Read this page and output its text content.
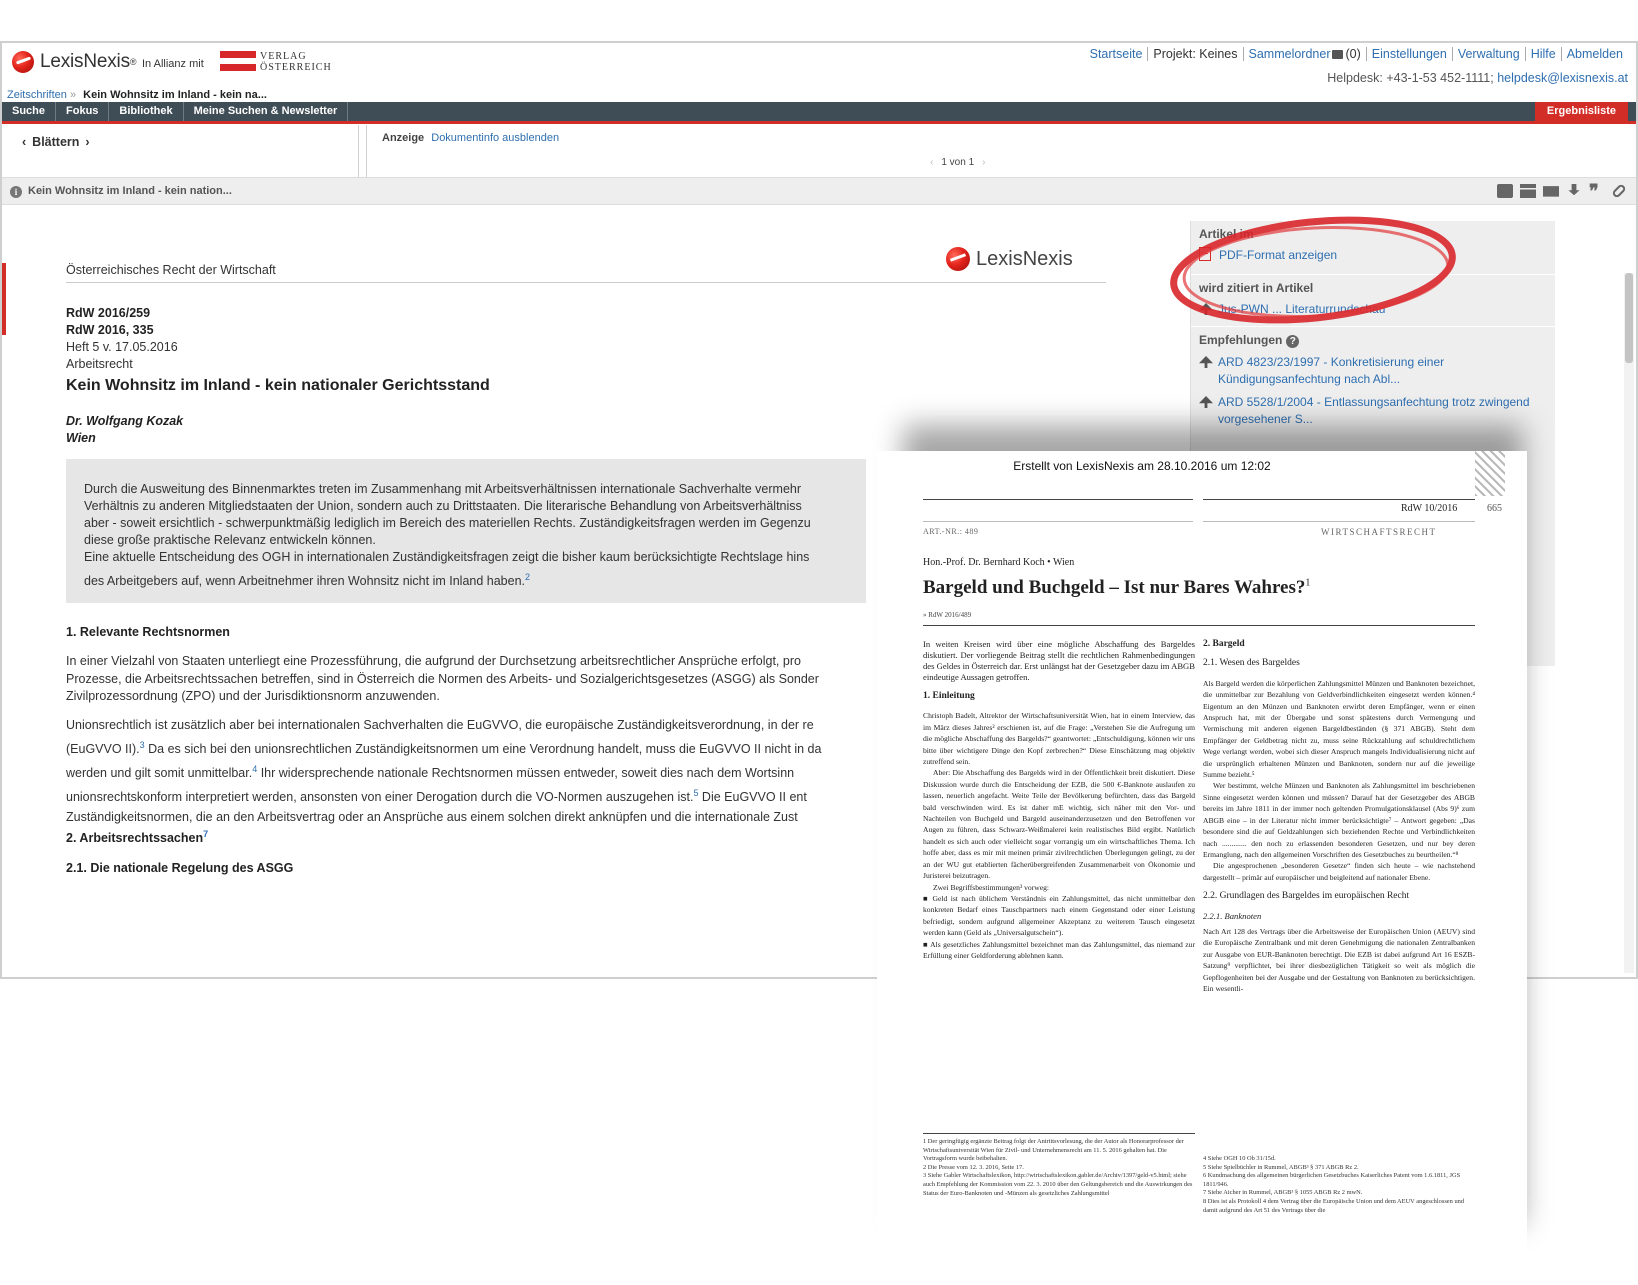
LexisNexis ® In Allianz mit
VERLAG
ÖSTERREICH
Startseite Projekt: Keines Sammelordner (0) Einstellungen Verwaltung Hilfe Abmelden
Helpdesk: +43-1-53 452-1111; helpdesk@lexisnexis.at
Zeitschriften » Kein Wohnsitz im Inland - kein na...
Suche	Fokus	Bibliothek	Meine Suchen & Newsletter	Ergebnisliste
‹ Blättern ›	Anzeige Dokumentinfo ausblenden
‹ 1 von 1 ›
i Kein Wohnsitz im Inland - kein nation...	❞
Österreichisches Recht der Wirtschaft
LexisNexis
RdW 2016/259
RdW 2016, 335
Heft 5 v. 17.05.2016
Arbeitsrecht
Kein Wohnsitz im Inland - kein nationaler Gerichtsstand
Dr. Wolfgang Kozak
Wien

Durch die Ausweitung des Binnenmarktes treten im Zusammenhang mit Arbeitsverhältnissen internationale Sachverhalte vermehr

Verhältnis zu anderen Mitgliedstaaten der Union, sondern auch zu Drittstaaten. Die literarische Behandlung von Arbeitsverhältniss

aber - soweit ersichtlich - schwerpunktmäßig lediglich im Bereich des materiellen Rechts. Zuständigkeitsfragen werden im Gegenzu

diese große praktische Relevanz entwickeln können.

Eine aktuelle Entscheidung des OGH in internationalen Zuständigkeitsfragen zeigt die bisher kaum berücksichtigte Rechtslage hins

des Arbeitgebers auf, wenn Arbeitnehmer ihren Wohnsitz nicht im Inland haben.$^2$

1. Relevante Rechtsnormen
In einer Vielzahl von Staaten unterliegt eine Prozessführung, die aufgrund der Durchsetzung arbeitsrechtlicher Ansprüche erfolgt, pro
Prozesse, die Arbeitsrechtssachen betreffen, sind in Österreich die Normen des Arbeits- und Sozialgerichtsgesetzes (ASGG) als Sonder
Zivilprozessordnung (ZPO) und der Jurisdiktionsnorm anzuwenden.
Unionsrechtlich ist zusätzlich aber bei internationalen Sachverhalten die EuGVVO, die europäische Zuständigkeitsverordnung, in der re
(EuGVVO II).$^3$ Da es sich bei den unionsrechtlichen Zuständigkeitsnormen um eine Verordnung handelt, muss die EuGVVO II nicht in da
werden und gilt somit unmittelbar.$^4$ Ihr widersprechende nationale Rechtsnormen müssen entweder, soweit dies nach dem Wortsinn
unionsrechtskonform interpretiert werden, ansonsten von einer Derogation durch die VO-Normen auszugehen ist.$^5$ Die EuGVVO II ent
Zuständigkeitsnormen, die an den Arbeitsvertrag oder an Ansprüche aus einem solchen direkt anknüpfen und die internationale Zust
2. Arbeitsrechtssachen$^7$
2.1. Die nationale Regelung des ASGG
Artikel im
PDF-Format anzeigen
wird zitiert in Artikel
Jus-PWN ... Literaturrundschau
Empfehlungen ?
ARD 4823/23/1997 - Konkretisierung einer Kündigungsanfechtung nach Abl...
ARD 5528/1/2004 - Entlassungsanfechtung trotz zwingend vorgesehener S...
Erstellt von LexisNexis am 28.10.2016 um 12:02
RdW 10/2016	665
ART.-NR.: 489	WIRTSCHAFTSRECHT
Hon.-Prof. Dr. Bernhard Koch • Wien
Bargeld und Buchgeld – Ist nur Bares Wahres?$^1$
» RdW 2016/489

In weiten Kreisen wird über eine mögliche Abschaffung des Bargeldes diskutiert. Der vorliegende Beitrag stellt die rechtlichen Rahmenbedingungen des Geldes in Österreich dar. Erst unlängst hat der Gesetzgeber dazu im ABGB eindeutige Aussagen getroffen.

1. Einleitung

Christoph Badelt, Altrektor der Wirtschaftsuniversität Wien, hat in einem Interview, das im März dieses Jahres² erschienen ist, auf die Frage: „Verstehen Sie die Aufregung um die mögliche Abschaffung des Bargelds?“ geantwortet: „Entschuldigung, können wir uns bitte über wichtigere Dinge den Kopf zerbrechen?“ Diese Einschätzung mag objektiv zutreffend sein.

Aber: Die Abschaffung des Bargelds wird in der Öffentlichkeit breit diskutiert. Diese Diskussion wurde durch die Entscheidung der EZB, die 500 €-Banknote auslaufen zu lassen, neuerlich angefacht. Weite Teile der Bevölkerung befürchten, dass das Bargeld bald verschwinden wird. Es ist daher mE wichtig, sich näher mit den Vor- und Nachteilen von Buchgeld und Bargeld auseinanderzusetzen und den Betroffenen vor Augen zu führen, dass Schwarz-Weißmalerei kein realistisches Bild ergibt. Natürlich handelt es sich auch oder vielleicht sogar vorrangig um ein wirtschaftliches Thema. Ich hoffe aber, dass es mir mit meinen primär zivilrechtlichen Überlegungen gelingt, zu der an der WU gut etablierten fächerübergreifenden Zusammenarbeit von Ökonomie und Juristerei beizutragen.

Zwei Begriffsbestimmungen³ vorweg:

■ Geld ist nach üblichem Verständnis ein Zahlungsmittel, das nicht unmittelbar den konkreten Bedarf eines Tauschpartners nach einem Gegenstand oder einer Leistung befriedigt, sondern aufgrund allgemeiner Akzeptanz zu weiterem Tausch eingesetzt werden kann (Geld als „Universalgutschein“).

■ Als gesetzliches Zahlungsmittel bezeichnet man das Zahlungsmittel, das niemand zur Erfüllung einer Geldforderung ablehnen kann.

2. Bargeld
2.1. Wesen des Bargeldes

Als Bargeld werden die körperlichen Zahlungsmittel Münzen und Banknoten bezeichnet, die unmittelbar zur Bezahlung von Geldverbindlichkeiten eingesetzt werden können.⁴ Eigentum an den Münzen und Banknoten erwirbt deren Empfänger, wenn er einen Anspruch hat, mit der Übergabe und sonst spätestens durch Vermengung und Vermischung mit anderen eigenen Bargeldbeständen (§ 371 ABGB). Steht dem Empfänger der Geldbetrag nicht zu, muss seine Rückzahlung auf schuldrechtlichem Wege verlangt werden, wobei sich dieser Anspruch mangels Individualisierung nicht auf die ursprünglich erhaltenen Münzen und Banknoten, sondern nur auf die jeweilige Summe bezieht.⁵

Wer bestimmt, welche Münzen und Banknoten als Zahlungsmittel im beschriebenen Sinne eingesetzt werden können und müssen? Darauf hat der Gesetzgeber des ABGB bereits im Jahre 1811 in der immer noch geltenden Promulgationsklausel (Abs 9)⁶ zum ABGB eine – in der Literatur nicht immer berücksichtigte⁷ – Antwort gegeben: „Das besondere sind die auf Geldzahlungen sich beziehenden Rechte und Verbindlichkeiten nach ............. den noch zu erlassenden besonderen Gesetzen, und nur bey deren Ermanglung, nach den allgemeinen Vorschriften des Gesetzbuches zu beurtheilen.“⁸

Die angesprochenen „besonderen Gesetze“ finden sich heute – wie nachstehend dargestellt – primär auf europäischer und beigleitend auf nationaler Ebene.

2.2. Grundlagen des Bargeldes im europäischen Recht
2.2.1. Banknoten

Nach Art 128 des Vertrags über die Arbeitsweise der Europäischen Union (AEUV) sind die Europäische Zentralbank und mit deren Genehmigung die nationalen Zentralbanken zur Ausgabe von EUR-Banknoten berechtigt. Die EZB ist dabei aufgrund Art 16 ESZB-Satzung⁹ verpflichtet, bei ihrer diesbezüglichen Tätigkeit so weit als möglich die Gepflogenheiten bei der Ausgabe und der Gestaltung von Banknoten zu berücksichtigen. Ein wesentli-

1 Der geringfügig ergänzte Beitrag folgt der Antrittsvorlesung, die der Autor als Honorarprofessor der Wirtschaftsuniversität Wien für Zivil- und Unternehmensrecht am 11. 5. 2016 gehalten hat. Die Vortragsform wurde beibehalten.

2 Die Presse vom 12. 3. 2016, Seite 17.

3 Siehe Gabler Wirtschaftslexikon, http://wirtschaftslexikon.gabler.de/Archiv/1397/geld-v5.html; siehe auch Empfehlung der Kommission vom 22. 3. 2010 über den Geltungsbereich und die Auswirkungen des Status der Euro-Banknoten und -Münzen als gesetzliches Zahlungsmittel

4 Siehe OGH 10 Ob 31/15d.

5 Siehe Spielbüchler in Rummel, ABGB³ § 371 ABGB Rz 2.

6 Kundmachung des allgemeinen bürgerlichen Gesetzbuches Kaiserliches Patent vom 1.6.1811, JGS 1811/946.

7 Siehe Aicher in Rummel, ABGB³ § 1055 ABGB Rz 2 mwN.

8 Dies ist als Protokoll 4 dem Vertrag über die Europäische Union und dem AEUV angeschlossen und damit aufgrund des Art 51 des Vertrags über die
